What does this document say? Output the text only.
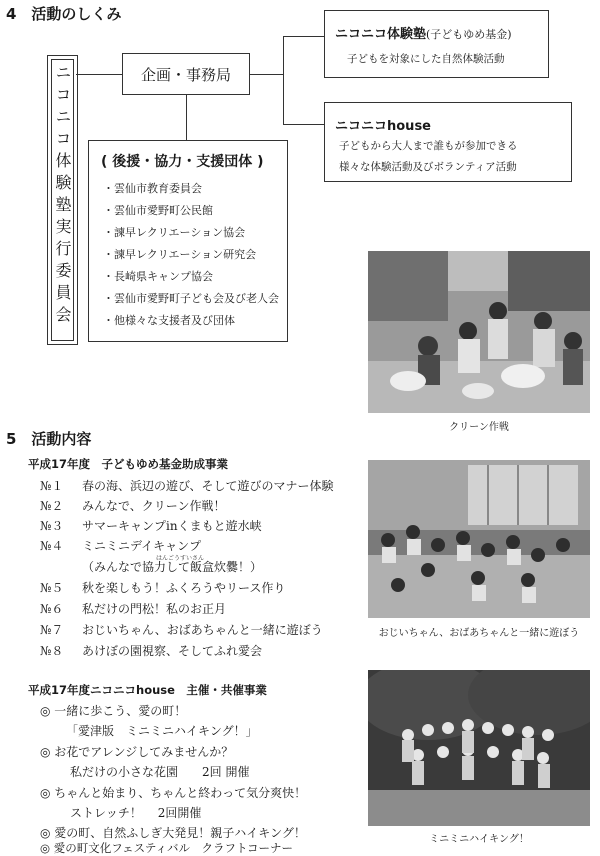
4　活動のしくみ
ニコニコ体験塾実行委員会	企画・事務局
ニコニコ体験塾(子どもゆめ基金)
子どもを対象にした自然体験活動
ニコニコhouse
子どもから大人まで誰もが参加できる
様々な体験活動及びボランティア活動
( 後援・協力・支援団体 )
・雲仙市教育委員会
・雲仙市愛野町公民館
・諫早レクリエーション協会
・諫早レクリエーション研究会
・長崎県キャンプ協会
・雲仙市愛野町子ども会及び老人会
・他様々な支援者及び団体
クリーン作戦
5　活動内容
平成17年度　子どもゆめ基金助成事業
№１ 春の海、浜辺の遊び、そして遊びのマナー体験
№２ みんなで、クリーン作戦！
№３ サマーキャンプinくまもと遊水峡
№４ ミニミニデイキャンプ
はんごうすいさん
（みんなで協力して飯盒炊爨！）
№５ 秋を楽しもう！ふくろうやリース作り
№６ 私だけの門松！私のお正月
№７ おじいちゃん、おばあちゃんと一緒に遊ぼう
№８ あけぼの園視察、そしてふれ愛会
おじいちゃん、おばあちゃんと一緒に遊ぼう
平成17年度ニコニコhouse　主催・共催事業
◎ 一緒に歩こう、愛の町！
「愛津版　ミニミニハイキング！」
◎ お花でアレンジしてみませんか？
私だけの小さな花園　　2回 開催
◎ ちゃんと始まり、ちゃんと終わって気分爽快！
ストレッチ！　 2回開催
◎ 愛の町、自然ふしぎ大発見！親子ハイキング！
◎ 愛の町文化フェスティバル　クラフトコーナー
ミニミニハイキング！
